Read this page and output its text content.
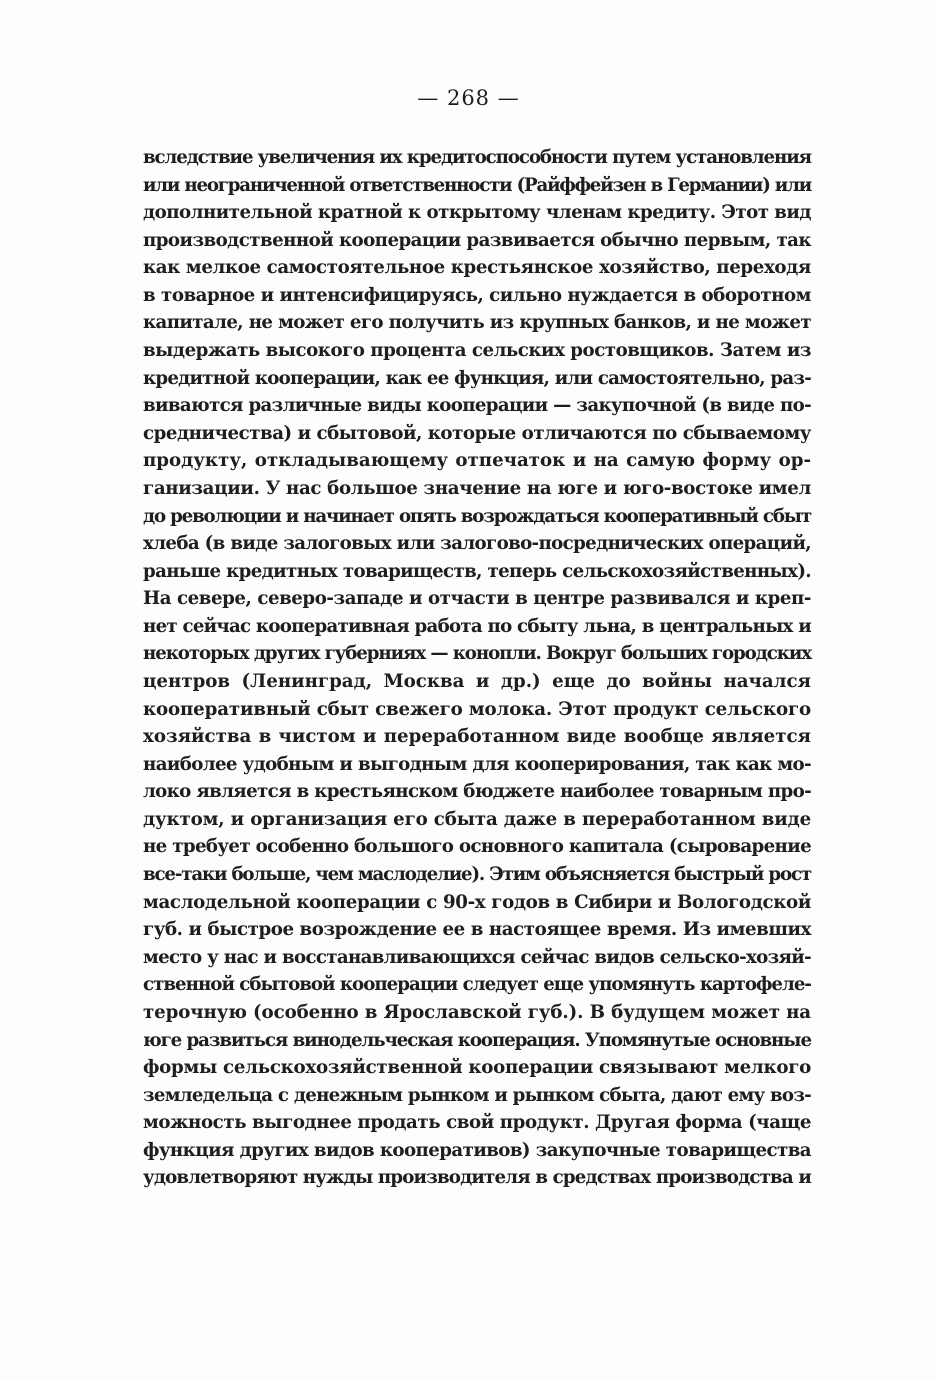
— 268 —
вследствие увеличения их кредитоспособности путем установления
или неограниченной ответственности (Райффейзен в Германии) или
дополнительной кратной к открытому членам кредиту. Этот вид
производственной кооперации развивается обычно первым, так
как мелкое самостоятельное крестьянское хозяйство, переходя
в товарное и интенсифицируясь, сильно нуждается в оборотном
капитале, не может его получить из крупных банков, и не может
выдержать высокого процента сельских ростовщиков. Затем из
кредитной кооперации, как ее функция, или самостоятельно, раз-
виваются различные виды кооперации — закупочной (в виде по-
средничества) и сбытовой, которые отличаются по сбываемому
продукту, откладывающему отпечаток и на самую форму ор-
ганизации. У нас большое значение на юге и юго-востоке имел
до революции и начинает опять возрождаться кооперативный сбыт
хлеба (в виде залоговых или залогово-посреднических операций,
раньше кредитных товариществ, теперь сельскохозяйственных).
На севере, северо-западе и отчасти в центре развивался и креп-
нет сейчас кооперативная работа по сбыту льна, в центральных и
некоторых других губерниях — конопли. Вокруг больших городских
центров (Ленинград, Москва и др.) еще до войны начался
кооперативный сбыт свежего молока. Этот продукт сельского
хозяйства в чистом и переработанном виде вообще является
наиболее удобным и выгодным для кооперирования, так как мо-
локо является в крестьянском бюджете наиболее товарным про-
дуктом, и организация его сбыта даже в переработанном виде
не требует особенно большого основного капитала (сыроварение
все-таки больше, чем маслоделие). Этим объясняется быстрый рост
маслодельной кооперации с 90-х годов в Сибири и Вологодской
губ. и быстрое возрождение ее в настоящее время. Из имевших
место у нас и восстанавливающихся сейчас видов сельско-хозяй-
ственной сбытовой кооперации следует еще упомянуть картофеле-
терочную (особенно в Ярославской губ.). В будущем может на
юге развиться винодельческая кооперация. Упомянутые основные
формы сельскохозяйственной кооперации связывают мелкого
земледельца с денежным рынком и рынком сбыта, дают ему воз-
можность выгоднее продать свой продукт. Другая форма (чаще
функция других видов кооперативов) закупочные товарищества
удовлетворяют нужды производителя в средствах производства и
